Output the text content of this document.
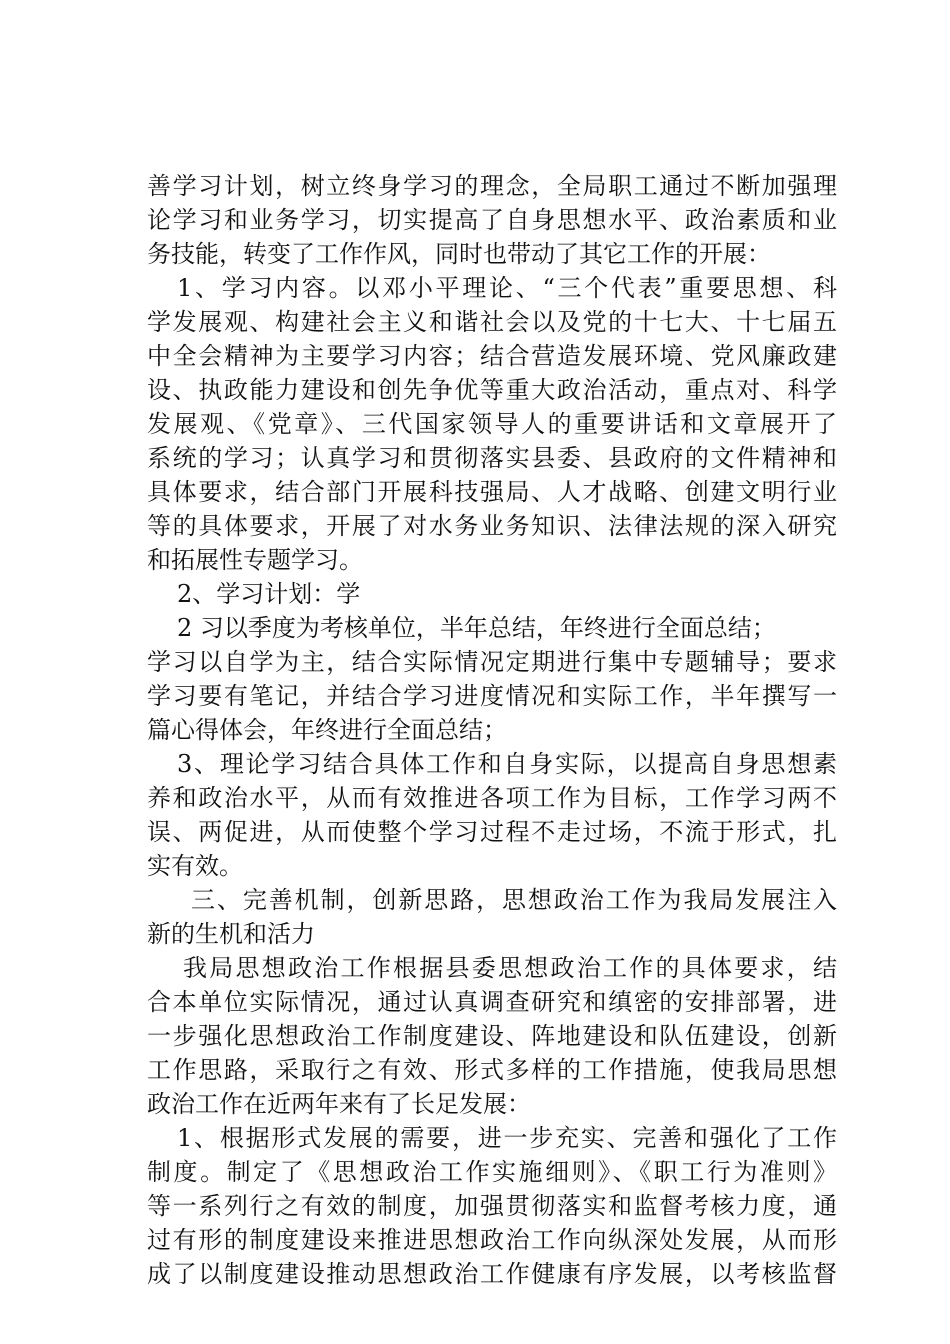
善学习计划，树立终身学习的理念，全局职工通过不断加强理
论学习和业务学习，切实提高了自身思想水平、政治素质和业
务技能，转变了工作作风，同时也带动了其它工作的开展：
1、学习内容。以邓小平理论、“三个代表”重要思想、科
学发展观、构建社会主义和谐社会以及党的十七大、十七届五
中全会精神为主要学习内容；结合营造发展环境、党风廉政建
设、执政能力建设和创先争优等重大政治活动，重点对、科学
发展观、《党章》、三代国家领导人的重要讲话和文章展开了
系统的学习；认真学习和贯彻落实县委、县政府的文件精神和
具体要求，结合部门开展科技强局、人才战略、创建文明行业
等的具体要求，开展了对水务业务知识、法律法规的深入研究
和拓展性专题学习。
2、学习计划：学
2 习以季度为考核单位，半年总结，年终进行全面总结；
学习以自学为主，结合实际情况定期进行集中专题辅导；要求
学习要有笔记，并结合学习进度情况和实际工作，半年撰写一
篇心得体会，年终进行全面总结；
3、理论学习结合具体工作和自身实际，以提高自身思想素
养和政治水平，从而有效推进各项工作为目标，工作学习两不
误、两促进，从而使整个学习过程不走过场，不流于形式，扎
实有效。
三、完善机制，创新思路，思想政治工作为我局发展注入
新的生机和活力
我局思想政治工作根据县委思想政治工作的具体要求，结
合本单位实际情况，通过认真调查研究和缜密的安排部署，进
一步强化思想政治工作制度建设、阵地建设和队伍建设，创新
工作思路，采取行之有效、形式多样的工作措施，使我局思想
政治工作在近两年来有了长足发展：
1、根据形式发展的需要，进一步充实、完善和强化了工作
制度。制定了《思想政治工作实施细则》、《职工行为准则》
等一系列行之有效的制度，加强贯彻落实和监督考核力度，通
过有形的制度建设来推进思想政治工作向纵深处发展，从而形
成了以制度建设推动思想政治工作健康有序发展，以考核监督
